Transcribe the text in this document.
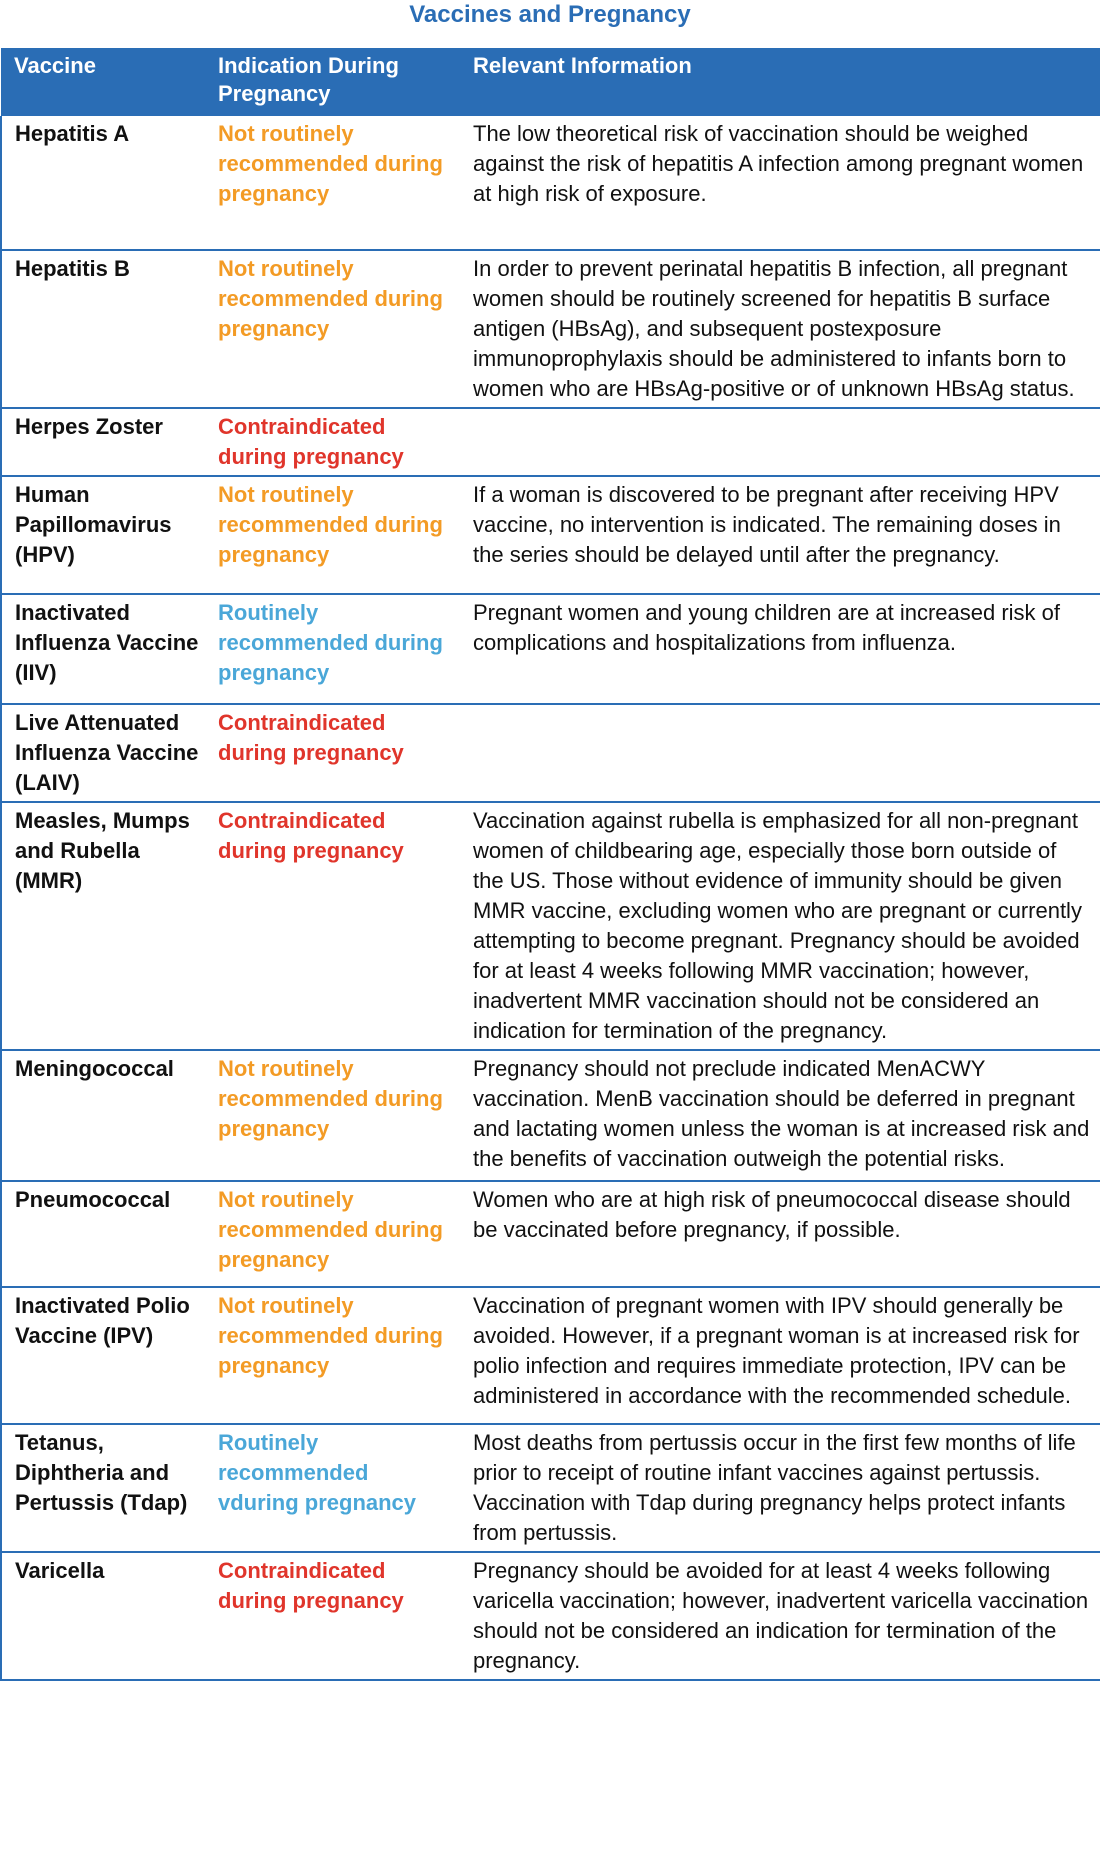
Vaccines and Pregnancy
Vaccine	Indication During Pregnancy	Relevant Information
Hepatitis A	Not routinely recommended during pregnancy	The low theoretical risk of vaccination should be weighed against the risk of hepatitis A infection among pregnant women at high risk of exposure.
Hepatitis B	Not routinely recommended during pregnancy	In order to prevent perinatal hepatitis B infection, all pregnant women should be routinely screened for hepatitis B surface antigen (HBsAg), and subsequent postexposure immunoprophylaxis should be administered to infants born to women who are HBsAg-positive or of unknown HBsAg status.
Herpes Zoster	Contraindicated during pregnancy	
Human Papillomavirus (HPV)	Not routinely recommended during pregnancy	If a woman is discovered to be pregnant after receiving HPV vaccine, no intervention is indicated. The remaining doses in the series should be delayed until after the pregnancy.
Inactivated Influenza Vaccine (IIV)	Routinely recommended during pregnancy	Pregnant women and young children are at increased risk of complications and hospitalizations from influenza.
Live Attenuated Influenza Vaccine (LAIV)	Contraindicated during pregnancy	
Measles, Mumps and Rubella (MMR)	Contraindicated during pregnancy	Vaccination against rubella is emphasized for all non-pregnant women of childbearing age, especially those born outside of the US. Those without evidence of immunity should be given MMR vaccine, excluding women who are pregnant or currently attempting to become pregnant. Pregnancy should be avoided for at least 4 weeks following MMR vaccination; however, inadvertent MMR vaccination should not be considered an indication for termination of the pregnancy.
Meningococcal	Not routinely recommended during pregnancy	Pregnancy should not preclude indicated MenACWY vaccination. MenB vaccination should be deferred in pregnant and lactating women unless the woman is at increased risk and the benefits of vaccination outweigh the potential risks.
Pneumococcal	Not routinely recommended during pregnancy	Women who are at high risk of pneumococcal disease should be vaccinated before pregnancy, if possible.
Inactivated Polio Vaccine (IPV)	Not routinely recommended during pregnancy	Vaccination of pregnant women with IPV should generally be avoided. However, if a pregnant woman is at increased risk for polio infection and requires immediate protection, IPV can be administered in accordance with the recommended schedule.
Tetanus, Diphtheria and Pertussis (Tdap)	Routinely recommended vduring pregnancy	Most deaths from pertussis occur in the first few months of life prior to receipt of routine infant vaccines against pertussis. Vaccination with Tdap during pregnancy helps protect infants from pertussis.
Varicella	Contraindicated during pregnancy	Pregnancy should be avoided for at least 4 weeks following varicella vaccination; however, inadvertent varicella vaccination should not be considered an indication for termination of the pregnancy.
